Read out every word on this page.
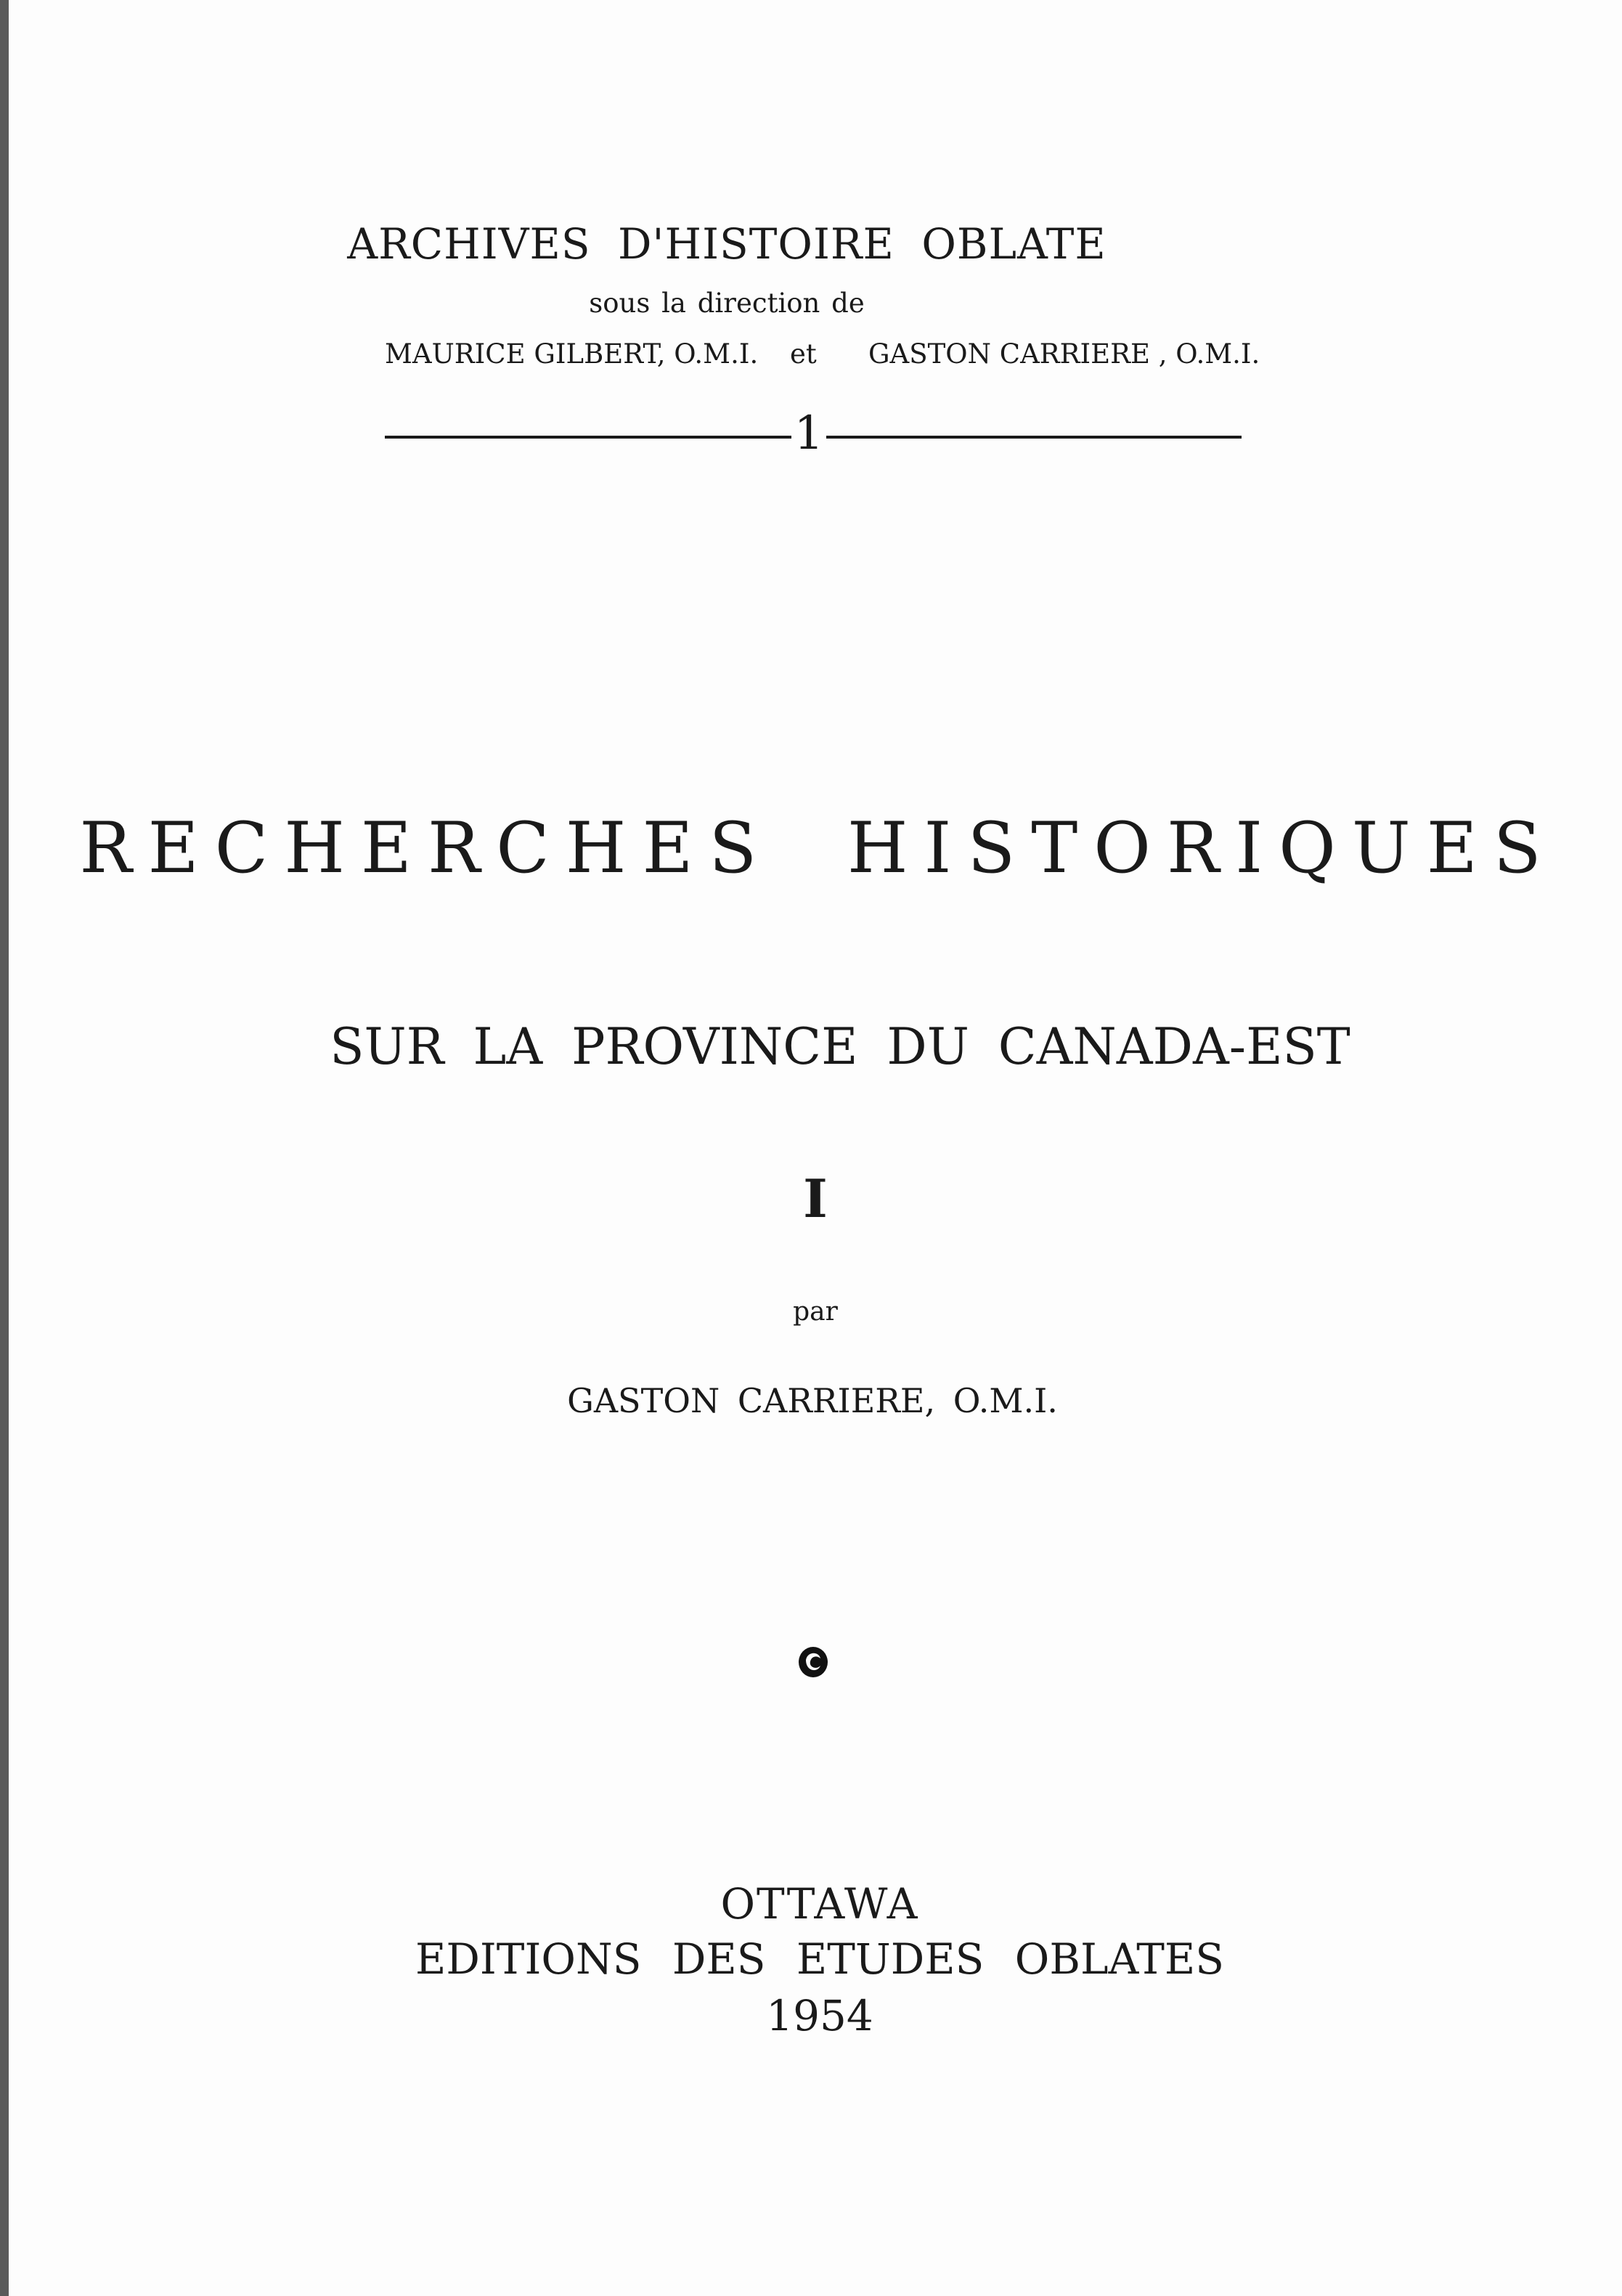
ARCHIVES D'HISTOIRE OBLATE
sous la direction de
MAURICE GILBERT, O.M.I. et GASTON CARRIERE , O.M.I.
1
RECHERCHES HISTORIQUES
SUR LA PROVINCE DU CANADA-EST
I
par
GASTON CARRIERE, O.M.I.
OTTAWA
EDITIONS DES ETUDES OBLATES
1954
